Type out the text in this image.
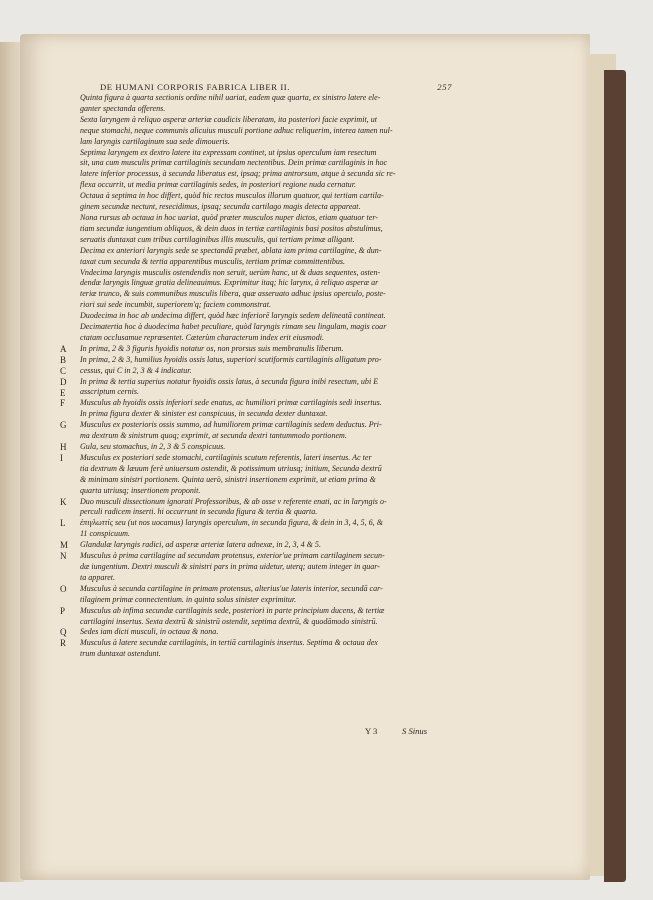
DE HUMANI CORPORIS FABRICA LIBER II.	257
Quinta figura à quarta sectionis ordine nihil uariat, eadem quæ quarta, ex sinistro latere ele-
ganter spectanda offerens.
Sexta laryngem à reliquo asperæ arteriæ caudicis liberatam, ita posteriori facie exprimit, ut
neque stomachi, neque communis alicuius musculi portione adhuc reliquerim, interea tamen nul-
lam laryngis cartilaginum sua sede dimoueris.
Septima laryngem ex dextro latere ita expressam continet, ut ipsius operculum iam resectum
sit, una cum musculis primæ cartilaginis secundam nectentibus. Dein primæ cartilaginis in hoc
latere inferior processus, à secunda liberatus est, ipsaq; prima antrorsum, atque à secunda sic re-
flexa occurrit, ut media primæ cartilaginis sedes, in posteriori regione nuda cernatur.
Octaua à septima in hoc differt, quòd hic rectos musculos illorum quatuor, qui tertiam cartila-
ginem secundæ nectunt, resecidimus, ipsaq; secunda cartilago magis detecta appareat.
Nona rursus ab octaua in hoc uariat, quòd præter musculos nuper dictos, etiam quatuor ter-
tiam secundæ iungentium obliquos, & dein duos in tertiæ cartilaginis basi positos abstulimus,
seruatis duntaxat cum tribus cartilaginibus illis musculis, qui tertiam primæ alligant.
Decima ex anteriori laryngis sede se spectandā præbet, ablata iam prima cartilagine, & dun-
taxat cum secunda & tertia apparentibus musculis, tertiam primæ committentibus.
Vndecima laryngis musculis ostendendis non seruit, uerùm hanc, ut & duas sequentes, osten-
dendæ laryngis linguæ gratia delineauimus. Exprimitur itaq; hic larynx, à reliquo asperæ ar
teriæ trunco, & suis communibus musculis libera, quæ asseruato adhuc ipsius operculo, poste-
riori sui sede incumbit, superiorem'q; faciem commonstrat.
Duodecima in hoc ab undecima differt, quòd hæc inferiorē laryngis sedem delineatā contineat.
Decimatertia hoc à duodecima habet peculiare, quòd laryngis rimam seu lingulam, magis coar
ctatam occlusamue repræsentet. Cæterùm characterum index erit eiusmodi.
A In prima, 2 & 3 figuris hyoidis notatur os, non prorsus suis membranulis liberum.
B In prima, 2 & 3, humilius hyoidis ossis latus, superiori scutiformis cartilaginis alligatum pro-
cessus, qui C in 2, 3 & 4 indicatur.
C

D In prima & tertia superius notatur hyoidis ossis latus, à secunda figura inibi resectum, ubi E
asscriptum cernis.
E

F Musculus ab hyoidis ossis inferiori sede enatus, ac humiliori primæ cartilaginis sedi insertus.
In prima figura dexter & sinister est conspicuus, in secunda dexter duntaxat.
G Musculus ex posterioris ossis summo, ad humiliorem primæ cartilaginis sedem deductus. Pri-
ma dextrum & sinistrum quoq; exprimit, at secunda dextri tantummodo portionem.
H Gula, seu stomachus, in 2, 3 & 5 conspicuus.
I Musculus ex posteriori sede stomachi, cartilaginis scutum referentis, lateri insertus. Ac ter
tia dextrum & læuum ferè uniuersum ostendit, & potissimum utriusq; initium, Secunda dextrū
& minimam sinistri portionem. Quinta uerò, sinistri insertionem exprimit, ut etiam prima &
quarta utriusq; insertionem proponit.
K Duo musculi dissectionum ignorati Professoribus, & ab osse v referente enati, ac in laryngis o-
perculi radicem inserti. hi occurrunt in secunda figura & tertia & quarta.
L ἐπιγλωττίς seu (ut nos uocamus) laryngis operculum, in secunda figura, & dein in 3, 4, 5, 6, &
11 conspicuum.
M Glandulæ laryngis radici, ad asperæ arteriæ latera adnexæ, in 2, 3, 4 & 5.
N Musculus à prima cartilagine ad secundam protensus, exterior'ue primam cartilaginem secun-
dæ iungentium. Dextri musculi & sinistri pars in prima uidetur, uterq; autem integer in quar-
ta apparet.
O Musculus à secunda cartilagine in primam protensus, alterius'ue lateris interior, secundā car-
tilaginem primæ connectentium. in quinta solus sinister exprimitur.
P Musculus ab infima secundæ cartilaginis sede, posteriori in parte principium ducens, & tertiæ
cartilagini insertus. Sexta dextrū & sinistrū ostendit, septima dextrū, & quodāmodo sinistrū.
Q Sedes iam dicti musculi, in octaua & nona.
R Musculus à latere secundæ cartilaginis, in tertiā cartilaginis insertus. Septima & octaua dex
trum duntaxat ostendunt.
Y 3	S Sinus
